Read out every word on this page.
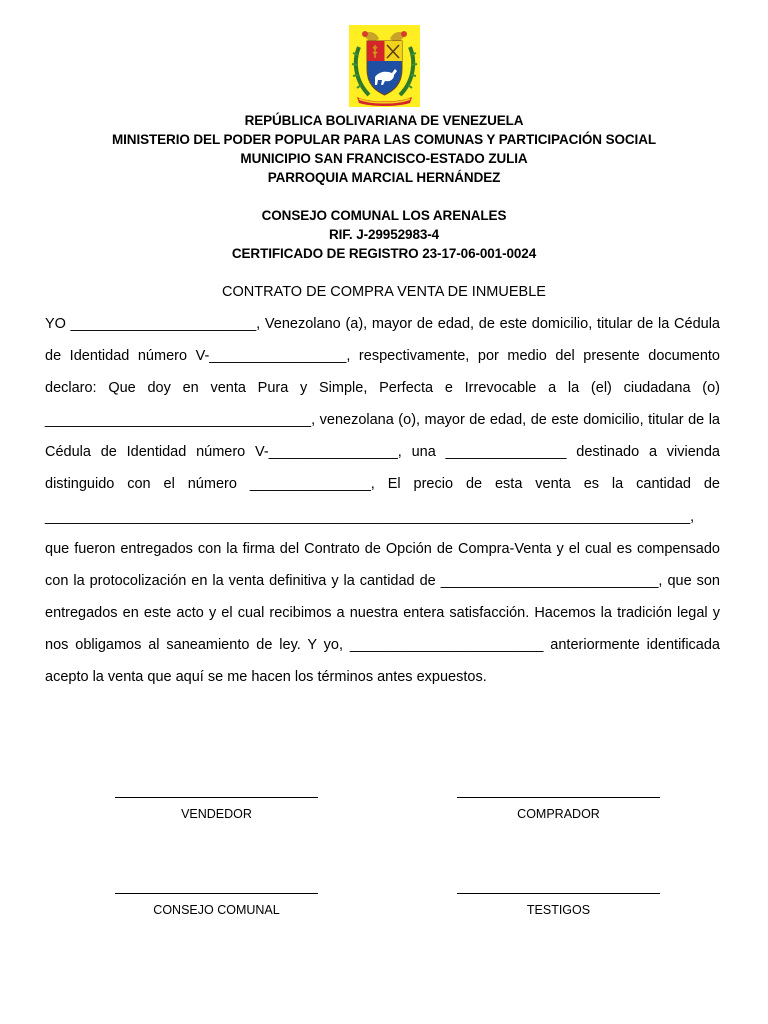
REPÚBLICA BOLIVARIANA DE VENEZUELA
MINISTERIO DEL PODER POPULAR PARA LAS COMUNAS Y PARTICIPACIÓN SOCIAL
MUNICIPIO SAN FRANCISCO-ESTADO ZULIA
PARROQUIA MARCIAL HERNÁNDEZ
CONSEJO COMUNAL LOS ARENALES
RIF. J-29952983-4
CERTIFICADO DE REGISTRO 23-17-06-001-0024
CONTRATO DE COMPRA VENTA DE INMUEBLE

YO _______________________, Venezolano (a), mayor de edad, de este domicilio, titular de la Cédula de Identidad número V-_________________, respectivamente, por medio del presente documento declaro: Que doy en venta Pura y Simple, Perfecta e Irrevocable a la (el) ciudadana (o) _________________________________, venezolana (o), mayor de edad, de este domicilio, titular de la Cédula de Identidad número V-________________, una _______________ destinado a vivienda distinguido con el número _______________, El precio de esta venta es la cantidad de ________________________________________________________________________________, que fueron entregados con la firma del Contrato de Opción de Compra-Venta y el cual es compensado con la protocolización en la venta definitiva y la cantidad de ___________________________, que son entregados en este acto y el cual recibimos a nuestra entera satisfacción. Hacemos la tradición legal y nos obligamos al saneamiento de ley. Y yo, ________________________ anteriormente identificada acepto la venta que aquí se me hacen los términos antes expuestos.

VENDEDOR	COMPRADOR
CONSEJO COMUNAL	TESTIGOS
